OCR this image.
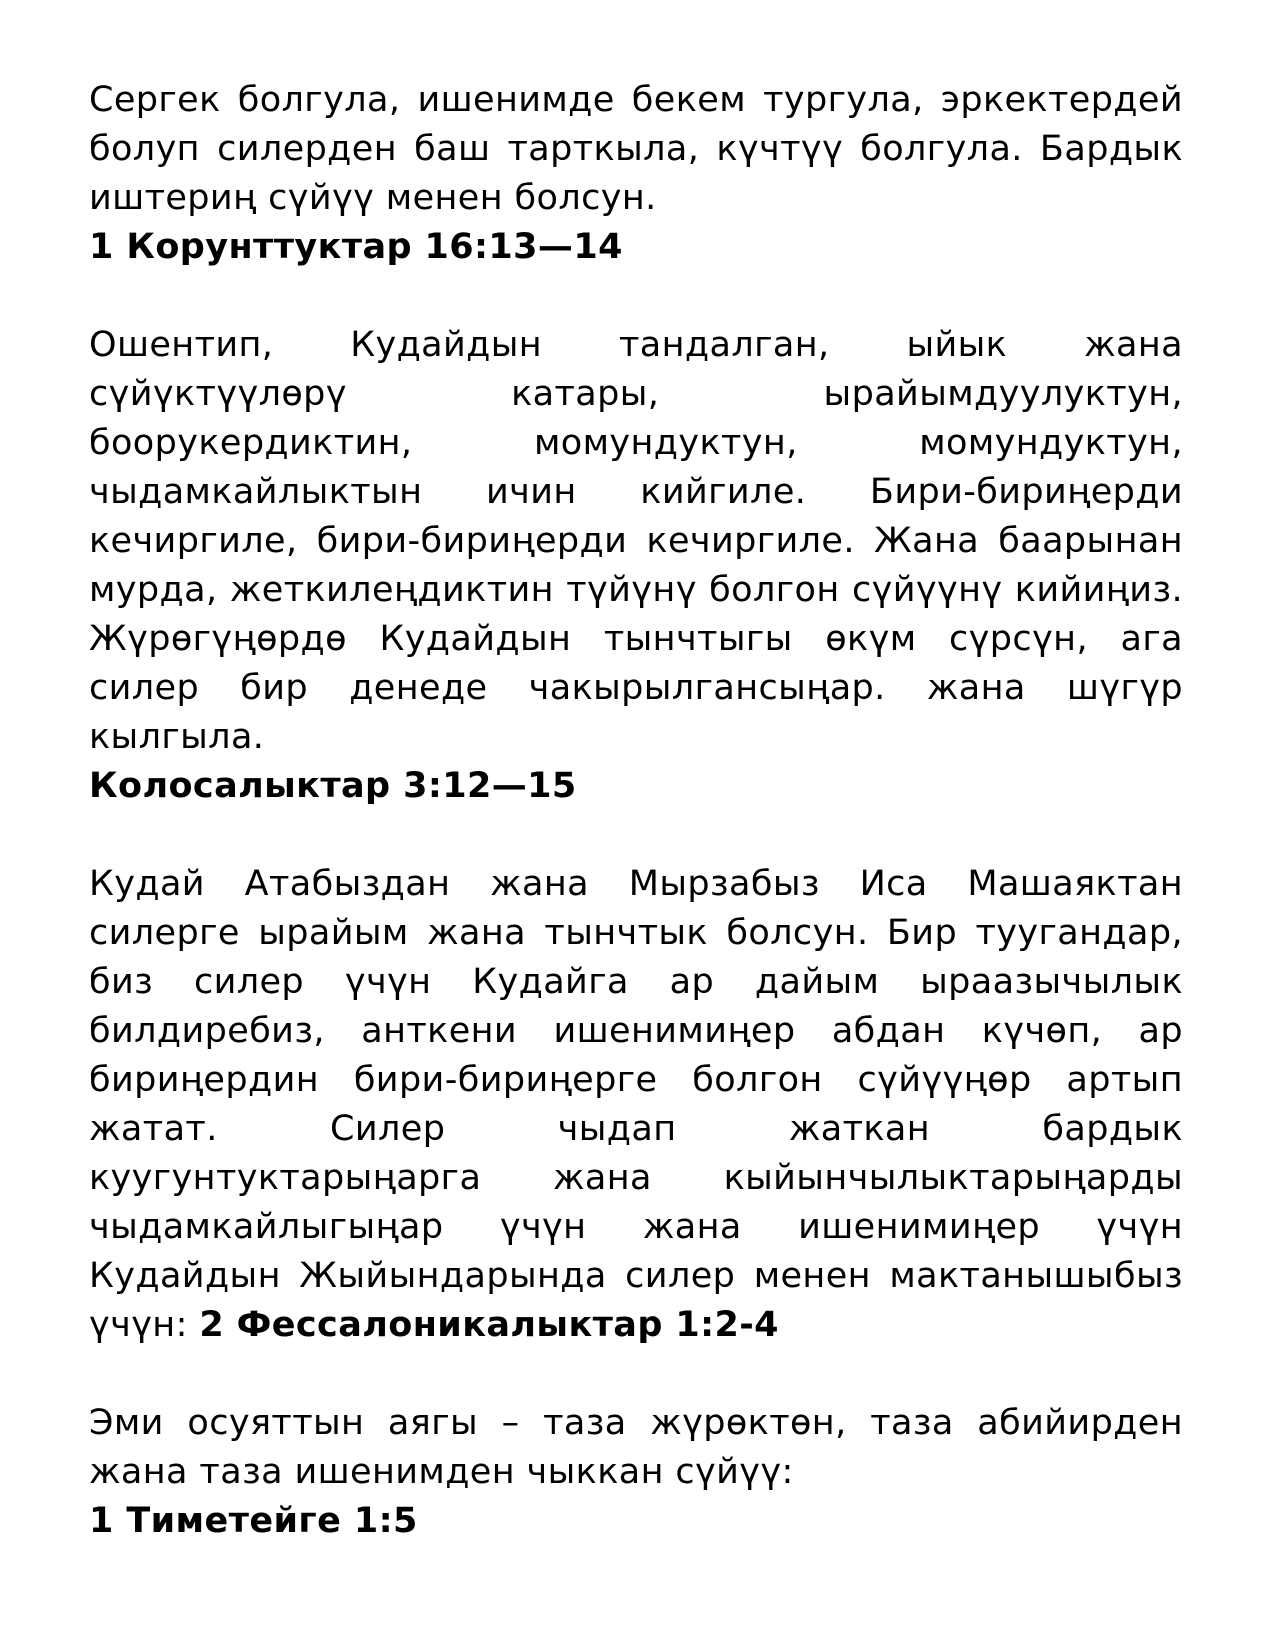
Сергек болгула, ишенимде бекем тургула, эркектердей болуп силерден баш тарткыла, күчтүү болгула. Бардык иштериң сүйүү менен болсун.
1 Корунттуктар 16:13—14
Ошентип, Кудайдын тандалган, ыйык жана сүйүктүүлөрү катары, ырайымдуулуктун, боорукердиктин, момундуктун, момундуктун, чыдамкайлыктын ичин кийгиле. Бири-бириңерди кечиргиле, бири-бириңерди кечиргиле. Жана баарынан мурда, жеткилеңдиктин түйүнү болгон сүйүүнү кийиңиз. Жүрөгүңөрдө Кудайдын тынчтыгы өкүм сүрсүн, ага силер бир денеде чакырылгансыңар. жана шүгүр кылгыла.
Колосалыктар 3:12—15
Кудай Атабыздан жана Мырзабыз Иса Машаяктан силерге ырайым жана тынчтык болсун. Бир туугандар, биз силер үчүн Кудайга ар дайым ыраазычылык билдиребиз, анткени ишенимиңер абдан күчөп, ар бириңердин бири-бириңерге болгон сүйүүңөр артып жатат. Силер чыдап жаткан бардык куугунтуктарыңарга жана кыйынчылыктарыңарды чыдамкайлыгыңар үчүн жана ишенимиңер үчүн Кудайдын Жыйындарында силер менен мактанышыбыз үчүн: 2 Фессалоникалыктар 1:2-4
Эми осуяттын аягы – таза жүрөктөн, таза абийирден жана таза ишенимден чыккан сүйүү:
1 Тиметейге 1:5
